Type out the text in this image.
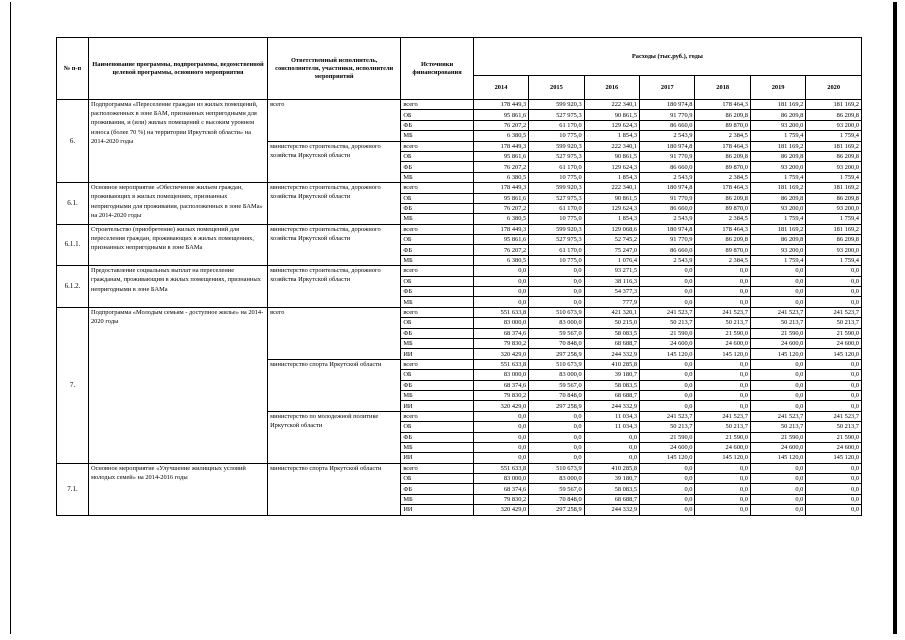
№ п-п	Наименование программы, подпрограммы, ведомственной целевой программы, основного мероприятия	Ответственный исполнитель, соисполнители, участники, исполнители мероприятий	Источники финансирования	Расходы (тыс.руб.), годы						
				2014	2015	2016	2017	2018	2019	2020
6.	Подпрограмма «Переселение граждан из жилых помещений, расположенных в зоне БАМ, признанных непригодными для проживания, и (или) жилых помещений с высоким уровнем износа (более 70 %) на территории Иркутской области» на 2014-2020 годы	всего	всего	178 449,3	599 920,3	222 340,1	180 974,8	178 464,3	181 169,2	181 169,2
			ОБ	95 861,6	527 975,3	90 861,5	91 770,9	86 209,8	86 209,8	86 209,8
			ФБ	76 207,2	61 170,0	129 624,3	86 660,0	89 870,0	93 200,0	93 200,0
			МБ	6 380,5	10 775,0	1 854,3	2 543,9	2 384,5	1 759,4	1 759,4
		министерство строительства, дорожного хозяйства Иркутской области	всего	178 449,3	599 920,3	222 340,1	180 974,8	178 464,3	181 169,2	181 169,2
			ОБ	95 861,6	527 975,3	90 861,5	91 770,9	86 209,8	86 209,8	86 209,8
			ФБ	76 207,2	61 170,0	129 624,3	86 660,0	89 870,0	93 200,0	93 200,0
			МБ	6 380,5	10 775,0	1 854,3	2 543,9	2 384,5	1 759,4	1 759,4
6.1.	Основное мероприятие «Обеспечение жильем граждан, проживающих в жилых помещениях, признанных непригодными для проживания, расположенных в зоне БАМа» на 2014-2020 годы	министерство строительства, дорожного хозяйства Иркутской области	всего	178 449,3	599 920,3	222 340,1	180 974,8	178 464,3	181 169,2	181 169,2
			ОБ	95 861,6	527 975,3	90 861,5	91 770,9	86 209,8	86 209,8	86 209,8
			ФБ	76 207,2	61 170,0	129 624,3	86 660,0	89 870,0	93 200,0	93 200,0
			МБ	6 380,5	10 775,0	1 854,3	2 543,9	2 384,5	1 759,4	1 759,4
6.1.1.	Строительство (приобретение) жилых помещений для переселения граждан, проживающих в жилых помещениях, признанных непригодными в зоне БАМа	министерство строительства, дорожного хозяйства Иркутской области	всего	178 449,3	599 920,3	129 068,6	180 974,8	178 464,3	181 169,2	181 169,2
			ОБ	95 861,6	527 975,3	52 745,2	91 770,9	86 209,8	86 209,8	86 209,8
			ФБ	76 207,2	61 170,0	75 247,0	86 660,0	89 870,0	93 200,0	93 200,0
			МБ	6 380,5	10 775,0	1 076,4	2 543,9	2 384,5	1 759,4	1 759,4
6.1.2.	Предоставление социальных выплат на переселение гражданам, проживающим в жилых помещениях, признанных непригодными в зоне БАМа	министерство строительства, дорожного хозяйства Иркутской области	всего	0,0	0,0	93 271,5	0,0	0,0	0,0	0,0
			ОБ	0,0	0,0	38 116,3	0,0	0,0	0,0	0,0
			ФБ	0,0	0,0	54 377,3	0,0	0,0	0,0	0,0
			МБ	0,0	0,0	777,9	0,0	0,0	0,0	0,0
7.	Подпрограмма «Молодым семьям - доступное жилье» на 2014-2020 годы	всего	всего	551 633,8	510 673,9	421 320,1	241 523,7	241 523,7	241 523,7	241 523,7
			ОБ	83 000,0	83 000,0	50 215,0	50 213,7	50 213,7	50 213,7	50 213,7
			ФБ	68 374,6	59 567,0	58 083,5	21 590,0	21 590,0	21 590,0	21 590,0
			МБ	79 830,2	70 848,0	68 688,7	24 600,0	24 600,0	24 600,0	24 600,0
			ИИ	320 429,0	297 258,9	244 332,9	145 120,0	145 120,0	145 120,0	145 120,0
		министерство спорта Иркутской области	всего	551 633,8	510 673,9	410 285,8	0,0	0,0	0,0	0,0
			ОБ	83 000,0	83 000,0	39 180,7	0,0	0,0	0,0	0,0
			ФБ	68 374,6	59 567,0	58 083,5	0,0	0,0	0,0	0,0
			МБ	79 830,2	70 848,0	68 688,7	0,0	0,0	0,0	0,0
			ИИ	320 429,0	297 258,9	244 332,9	0,0	0,0	0,0	0,0
		министерство по молодежной политике Иркутской области	всего	0,0	0,0	11 034,3	241 523,7	241 523,7	241 523,7	241 523,7
			ОБ	0,0	0,0	11 034,3	50 213,7	50 213,7	50 213,7	50 213,7
			ФБ	0,0	0,0	0,0	21 590,0	21 590,0	21 590,0	21 590,0
			МБ	0,0	0,0	0,0	24 600,0	24 600,0	24 600,0	24 600,0
			ИИ	0,0	0,0	0,0	145 120,0	145 120,0	145 120,0	145 120,0
7.1.	Основное мероприятие «Улучшение жилищных условий молодых семей» на 2014-2016 годы	министерство спорта Иркутской области	всего	551 633,8	510 673,9	410 285,8	0,0	0,0	0,0	0,0
			ОБ	83 000,0	83 000,0	39 180,7	0,0	0,0	0,0	0,0
			ФБ	68 374,6	59 567,0	58 083,5	0,0	0,0	0,0	0,0
			МБ	79 830,2	70 848,0	68 688,7	0,0	0,0	0,0	0,0
			ИИ	320 429,0	297 258,9	244 332,9	0,0	0,0	0,0	0,0
